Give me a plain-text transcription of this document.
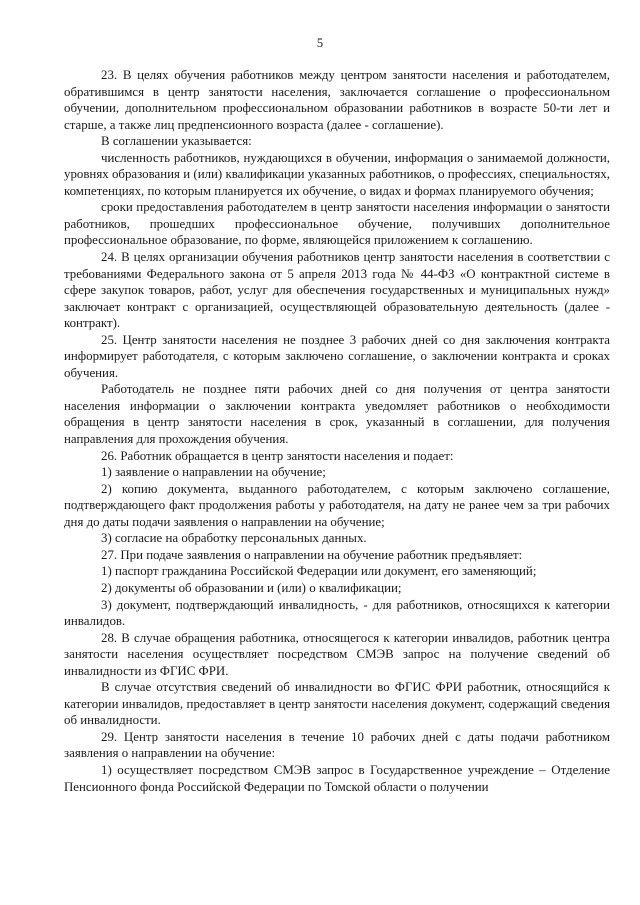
5

23. В целях обучения работников между центром занятости населения и работодателем, обратившимся в центр занятости населения, заключается соглашение о профессиональном обучении, дополнительном профессиональном образовании работников в возрасте 50-ти лет и старше, а также лиц предпенсионного возраста (далее - соглашение).

В соглашении указывается:

численность работников, нуждающихся в обучении, информация о занимаемой должности, уровнях образования и (или) квалификации указанных работников, о профессиях, специальностях, компетенциях, по которым планируется их обучение, о видах и формах планируемого обучения;

сроки предоставления работодателем в центр занятости населения информации о занятости работников, прошедших профессиональное обучение, получивших дополнительное профессиональное образование, по форме, являющейся приложением к соглашению.

24. В целях организации обучения работников центр занятости населения в соответствии с требованиями Федерального закона от 5 апреля 2013 года № 44-ФЗ «О контрактной системе в сфере закупок товаров, работ, услуг для обеспечения государственных и муниципальных нужд» заключает контракт с организацией, осуществляющей образовательную деятельность (далее - контракт).

25. Центр занятости населения не позднее 3 рабочих дней со дня заключения контракта информирует работодателя, с которым заключено соглашение, о заключении контракта и сроках обучения.

Работодатель не позднее пяти рабочих дней со дня получения от центра занятости населения информации о заключении контракта уведомляет работников о необходимости обращения в центр занятости населения в срок, указанный в соглашении, для получения направления для прохождения обучения.

26. Работник обращается в центр занятости населения и подает:

1) заявление о направлении на обучение;

2) копию документа, выданного работодателем, с которым заключено соглашение, подтверждающего факт продолжения работы у работодателя, на дату не ранее чем за три рабочих дня до даты подачи заявления о направлении на обучение;

3) согласие на обработку персональных данных.

27. При подаче заявления о направлении на обучение работник предъявляет:

1) паспорт гражданина Российской Федерации или документ, его заменяющий;

2) документы об образовании и (или) о квалификации;

3) документ, подтверждающий инвалидность, - для работников, относящихся к категории инвалидов.

28. В случае обращения работника, относящегося к категории инвалидов, работник центра занятости населения осуществляет посредством СМЭВ запрос на получение сведений об инвалидности из ФГИС ФРИ.

В случае отсутствия сведений об инвалидности во ФГИС ФРИ работник, относящийся к категории инвалидов, предоставляет в центр занятости населения документ, содержащий сведения об инвалидности.

29. Центр занятости населения в течение 10 рабочих дней с даты подачи работником заявления о направлении на обучение:

1) осуществляет посредством СМЭВ запрос в Государственное учреждение – Отделение Пенсионного фонда Российской Федерации по Томской области о получении
